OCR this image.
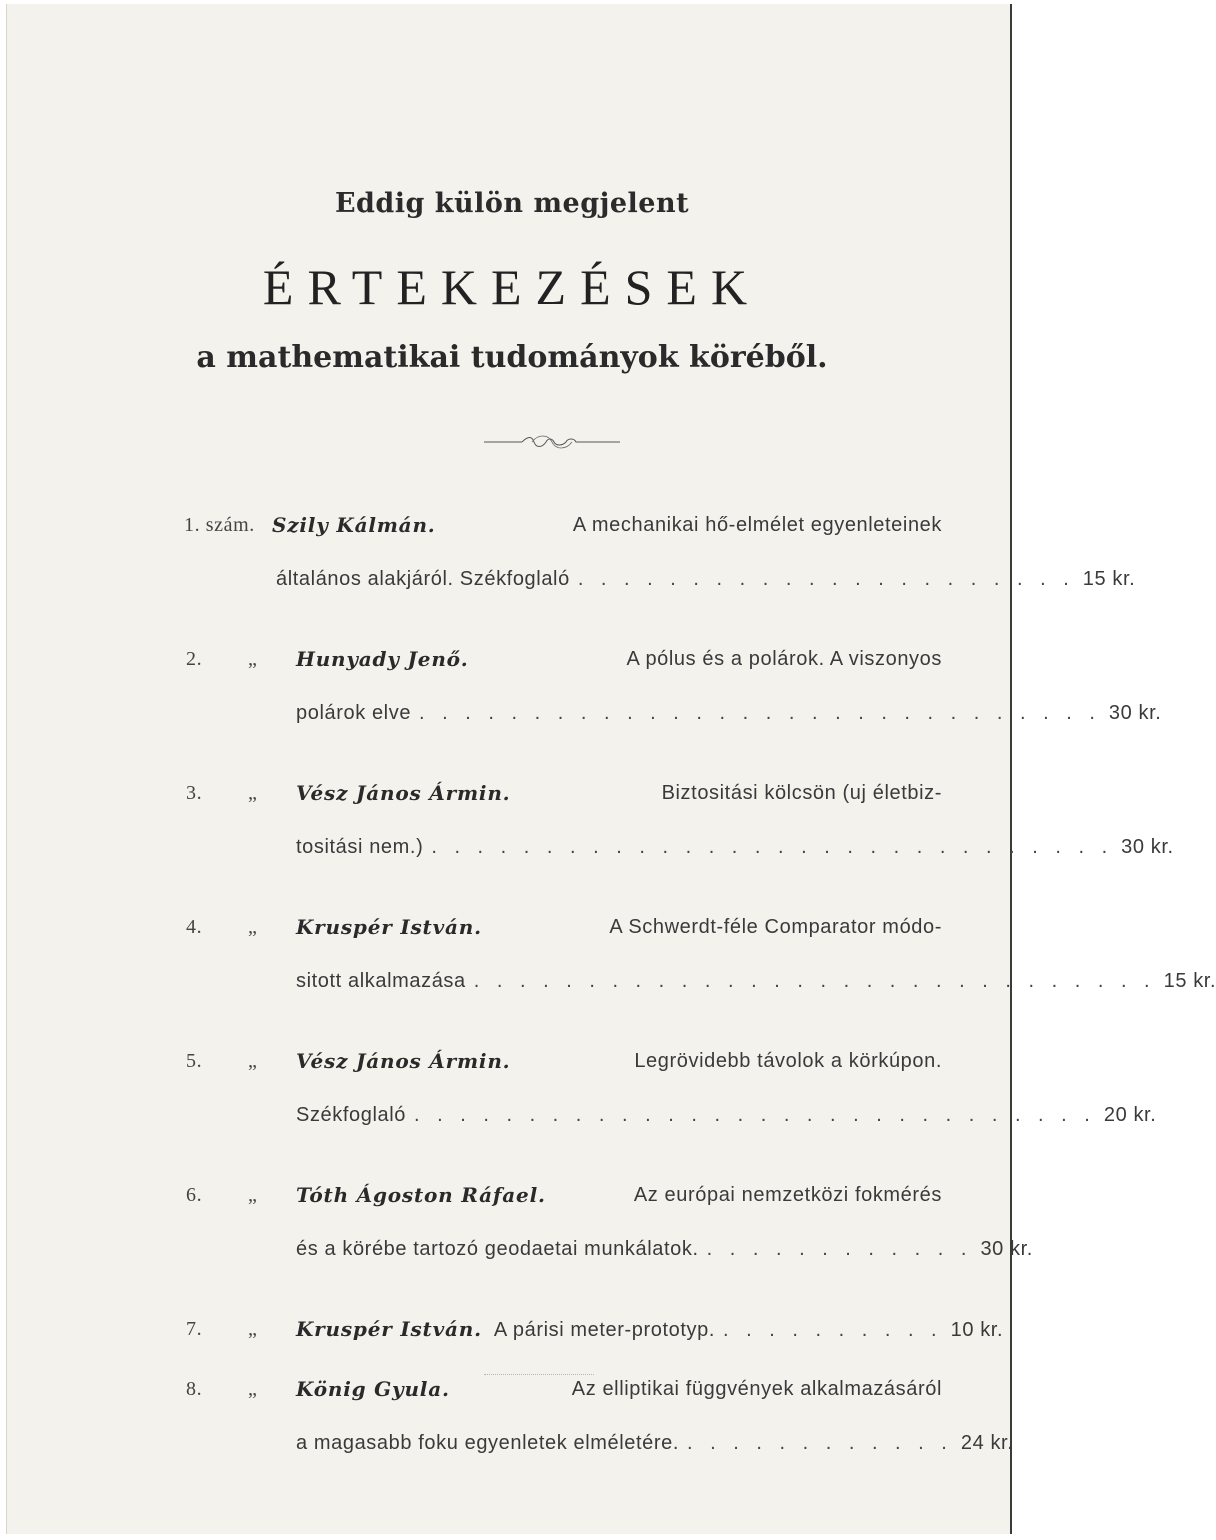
Eddig külön megjelent
ÉRTEKEZÉSEK
a mathematikai tudományok köréből.
1. szám. Szily Kálmán.	A mechanikai hő-elmélet egyenleteinek
általános alakjáról. Székfoglaló . . . . . . . . . . . . . . . . . . . . . . 15 kr.
2.	„ Hunyady Jenő.	A pólus és a polárok. A viszonyos
polárok elve . . . . . . . . . . . . . . . . . . . . . . . . . . . . . . 30 kr.
3.	„ Vész János Ármin.	Biztositási kölcsön (uj életbiz-
tositási nem.) . . . . . . . . . . . . . . . . . . . . . . . . . . . . . . 30 kr.
4.	„ Kruspér István.	A Schwerdt-féle Comparator módo-
sitott alkalmazása . . . . . . . . . . . . . . . . . . . . . . . . . . . . . . 15 kr.
5.	„ Vész János Ármin.	Legrövidebb távolok a körkúpon.
Székfoglaló . . . . . . . . . . . . . . . . . . . . . . . . . . . . . . 20 kr.
6.	„ Tóth Ágoston Ráfael.	Az európai nemzetközi fokmérés
és a körébe tartozó geodaetai munkálatok. . . . . . . . . . . . . 30 kr.
7.	„ Kruspér István. A párisi meter-prototyp. . . . . . . . . . . 10 kr.
8.	„ König Gyula.	Az elliptikai függvények alkalmazásáról
a magasabb foku egyenletek elméletére. . . . . . . . . . . . . 24 kr.
